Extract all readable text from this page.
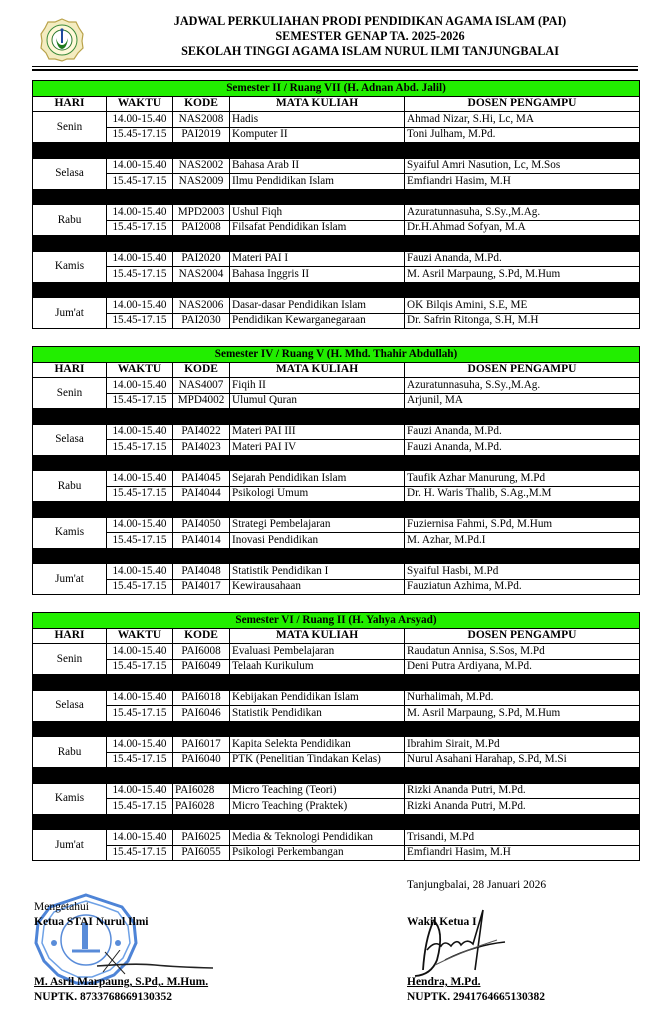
JADWAL PERKULIAHAN PRODI PENDIDIKAN AGAMA ISLAM (PAI)
SEMESTER GENAP TA. 2025-2026
SEKOLAH TINGGI AGAMA ISLAM NURUL ILMI TANJUNGBALAI
Semester II / Ruang VII (H. Adnan Abd. Jalil)				
HARI	WAKTU	KODE	MATA KULIAH	DOSEN PENGAMPU
Senin	14.00-15.40	NAS2008	Hadis	Ahmad Nizar, S.Hi, Lc, MA
	15.45-17.15	PAI2019	Komputer II	Toni Julham, M.Pd.

Selasa	14.00-15.40	NAS2002	Bahasa Arab II	Syaiful Amri Nasution, Lc, M.Sos
	15.45-17.15	NAS2009	Ilmu Pendidikan Islam	Emfiandri Hasim, M.H

Rabu	14.00-15.40	MPD2003	Ushul Fiqh	Azuratunnasuha, S.Sy.,M.Ag.
	15.45-17.15	PAI2008	Filsafat Pendidikan Islam	Dr.H.Ahmad Sofyan, M.A

Kamis	14.00-15.40	PAI2020	Materi PAI I	Fauzi Ananda, M.Pd.
	15.45-17.15	NAS2004	Bahasa Inggris II	M. Asril Marpaung, S.Pd, M.Hum

Jum'at	14.00-15.40	NAS2006	Dasar-dasar Pendidikan Islam	OK Bilqis Amini, S.E, ME
	15.45-17.15	PAI2030	Pendidikan Kewarganegaraan	Dr. Safrin Ritonga, S.H, M.H
Semester IV / Ruang V (H. Mhd. Thahir Abdullah)				
HARI	WAKTU	KODE	MATA KULIAH	DOSEN PENGAMPU
Senin	14.00-15.40	NAS4007	Fiqih II	Azuratunnasuha, S.Sy.,M.Ag.
	15.45-17.15	MPD4002	Ulumul Quran	Arjunil, MA

Selasa	14.00-15.40	PAI4022	Materi PAI III	Fauzi Ananda, M.Pd.
	15.45-17.15	PAI4023	Materi PAI IV	Fauzi Ananda, M.Pd.

Rabu	14.00-15.40	PAI4045	Sejarah Pendidikan Islam	Taufik Azhar Manurung, M.Pd
	15.45-17.15	PAI4044	Psikologi Umum	Dr. H. Waris Thalib, S.Ag.,M.M

Kamis	14.00-15.40	PAI4050	Strategi Pembelajaran	Fuziernisa Fahmi, S.Pd, M.Hum
	15.45-17.15	PAI4014	Inovasi Pendidikan	M. Azhar, M.Pd.I

Jum'at	14.00-15.40	PAI4048	Statistik Pendidikan I	Syaiful Hasbi, M.Pd
	15.45-17.15	PAI4017	Kewirausahaan	Fauziatun Azhima, M.Pd.
Semester VI / Ruang II (H. Yahya Arsyad)				
HARI	WAKTU	KODE	MATA KULIAH	DOSEN PENGAMPU
Senin	14.00-15.40	PAI6008	Evaluasi Pembelajaran	Raudatun Annisa, S.Sos, M.Pd
	15.45-17.15	PAI6049	Telaah Kurikulum	Deni Putra Ardiyana, M.Pd.

Selasa	14.00-15.40	PAI6018	Kebijakan Pendidikan Islam	Nurhalimah, M.Pd.
	15.45-17.15	PAI6046	Statistik Pendidikan	M. Asril Marpaung, S.Pd, M.Hum

Rabu	14.00-15.40	PAI6017	Kapita Selekta Pendidikan	Ibrahim Sirait, M.Pd
	15.45-17.15	PAI6040	PTK (Penelitian Tindakan Kelas)	Nurul Asahani Harahap, S.Pd, M.Si

Kamis	14.00-15.40	PAI6028	Micro Teaching (Teori)	Rizki Ananda Putri, M.Pd.
	15.45-17.15	PAI6028	Micro Teaching (Praktek)	Rizki Ananda Putri, M.Pd.

Jum'at	14.00-15.40	PAI6025	Media & Teknologi Pendidikan	Trisandi, M.Pd
	15.45-17.15	PAI6055	Psikologi Perkembangan	Emfiandri Hasim, M.H
Mengetahui
Ketua STAI Nurul Ilmi
M. Asril Marpaung, S.Pd,. M.Hum.
NUPTK. 8733768669130352
Tanjungbalai, 28 Januari 2026
Wakil Ketua I
Hendra, M.Pd.
NUPTK. 2941764665130382
